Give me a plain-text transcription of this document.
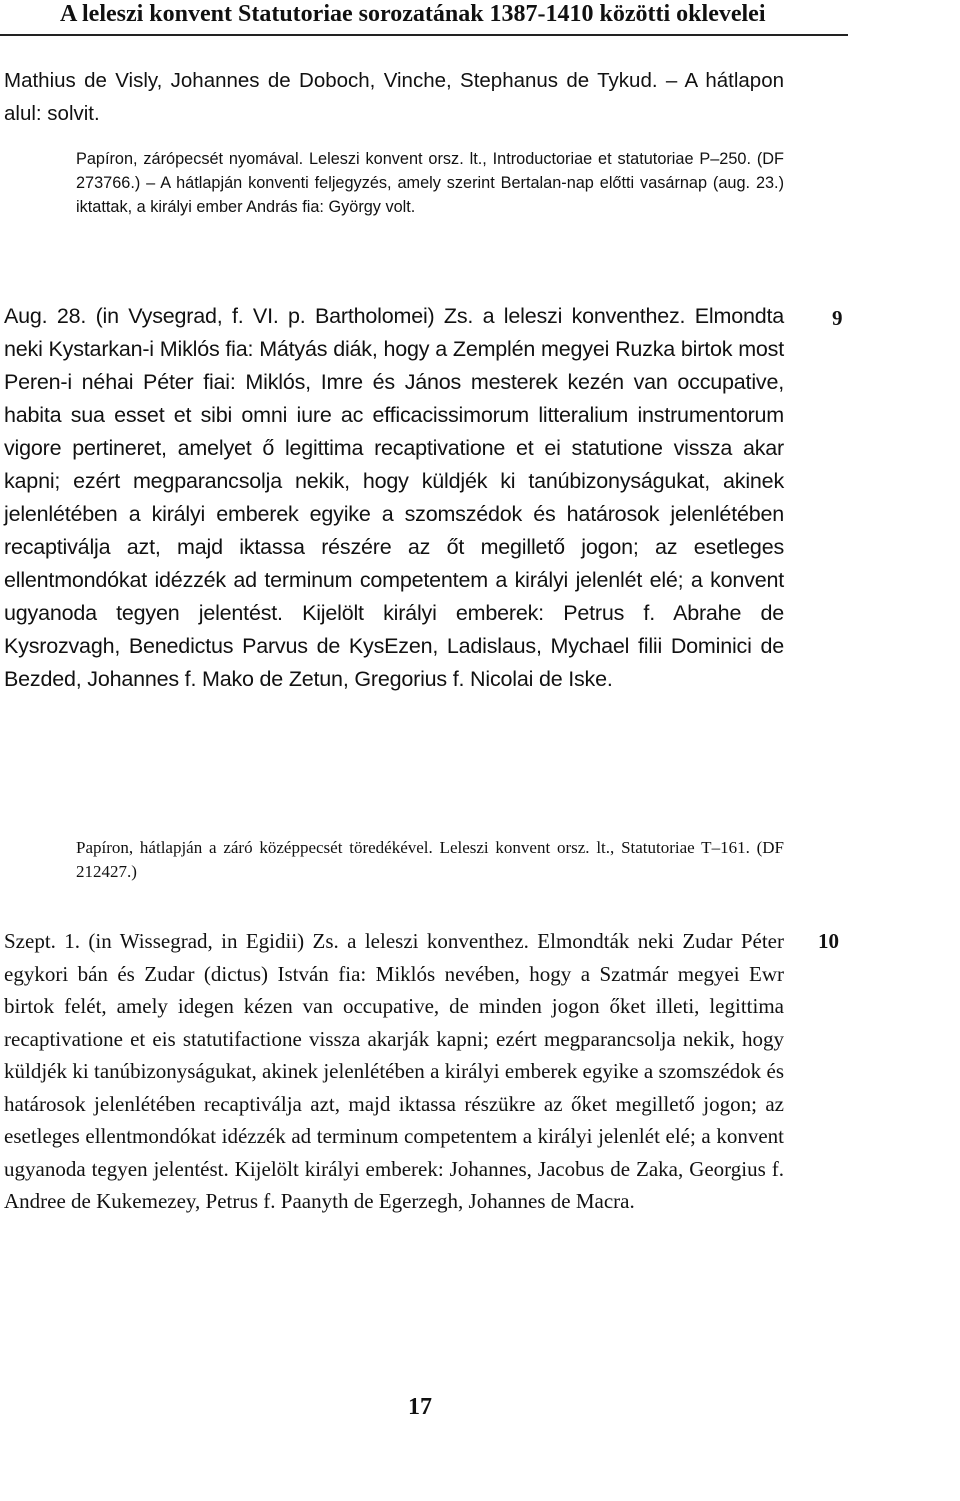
A leleszi konvent Statutoriae sorozatának 1387-1410 közötti oklevelei

Mathius de Visly, Johannes de Doboch, Vinche, Stephanus de Tykud. – A hátlapon alul: solvit.

Papíron, zárópecsét nyomával. Leleszi konvent orsz. lt., Introductoriae et statutoriae P–250. (DF 273766.) – A hátlapján konventi feljegyzés, amely szerint Bertalan-nap előtti vasárnap (aug. 23.) iktattak, a királyi ember András fia: György volt.

9

Aug. 28. (in Vysegrad, f. VI. p. Bartholomei) Zs. a leleszi konventhez. Elmondta neki Kystarkan-i Miklós fia: Mátyás diák, hogy a Zemplén megyei Ruzka birtok most Peren-i néhai Péter fiai: Miklós, Imre és János mesterek kezén van occupative, habita sua esset et sibi omni iure ac efficacissimorum litteralium instrumentorum vigore pertineret, amelyet ő legittima recaptivatione et ei statutione vissza akar kapni; ezért megparancsolja nekik, hogy küldjék ki tanúbizonyságukat, akinek jelenlétében a királyi emberek egyike a szomszédok és határosok jelenlétében recaptiválja azt, majd iktassa részére az őt megillető jogon; az esetleges ellentmondókat idézzék ad terminum competentem a királyi jelenlét elé; a konvent ugyanoda tegyen jelentést. Kijelölt királyi emberek: Petrus f. Abrahe de Kysrozvagh, Benedictus Parvus de KysEzen, Ladislaus, Mychael filii Dominici de Bezded, Johannes f. Mako de Zetun, Gregorius f. Nicolai de Iske.

Papíron, hátlapján a záró középpecsét töredékével. Leleszi konvent orsz. lt., Statutoriae T–161. (DF 212427.)

10

Szept. 1. (in Wissegrad, in Egidii) Zs. a leleszi konventhez. Elmondták neki Zudar Péter egykori bán és Zudar (dictus) István fia: Miklós nevében, hogy a Szatmár megyei Ewr birtok felét, amely idegen kézen van occupative, de minden jogon őket illeti, legittima recaptivatione et eis statutifactione vissza akarják kapni; ezért megparancsolja nekik, hogy küldjék ki tanúbizonyságukat, akinek jelenlétében a királyi emberek egyike a szomszédok és határosok jelenlétében recaptiválja azt, majd iktassa részükre az őket megillető jogon; az esetleges ellentmondókat idézzék ad terminum competentem a királyi jelenlét elé; a konvent ugyanoda tegyen jelentést. Kijelölt királyi emberek: Johannes, Jacobus de Zaka, Georgius f. Andree de Kukemezey, Petrus f. Paanyth de Egerzegh, Johannes de Macra.

17
